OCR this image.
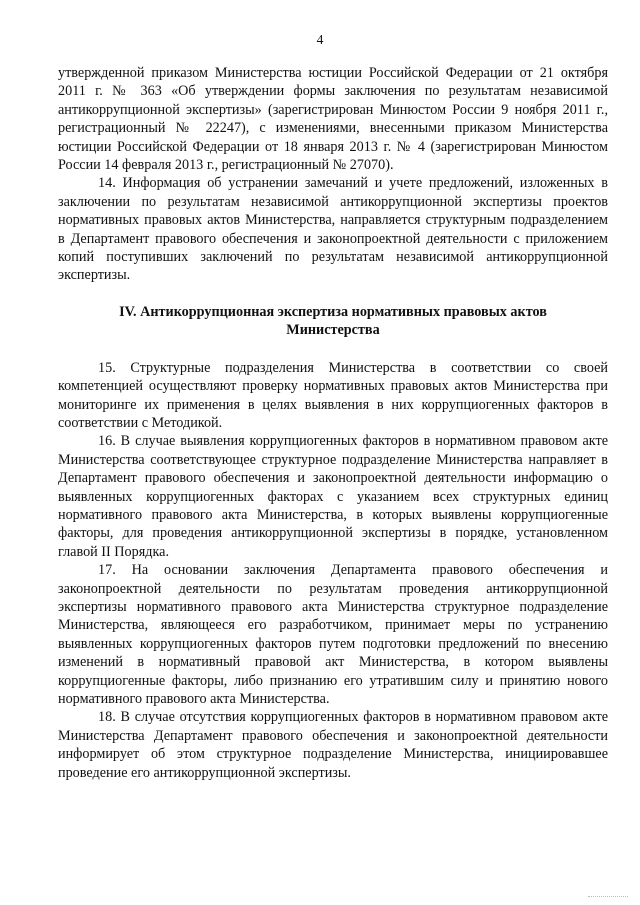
4

утвержденной приказом Министерства юстиции Российской Федерации от 21 октября 2011 г. № 363 «Об утверждении формы заключения по результатам независимой антикоррупционной экспертизы» (зарегистрирован Минюстом России 9 ноября 2011 г., регистрационный № 22247), с изменениями, внесенными приказом Министерства юстиции Российской Федерации от 18 января 2013 г. № 4 (зарегистрирован Минюстом России 14 февраля 2013 г., регистрационный № 27070).

14. Информация об устранении замечаний и учете предложений, изложенных в заключении по результатам независимой антикоррупционной экспертизы проектов нормативных правовых актов Министерства, направляется структурным подразделением в Департамент правового обеспечения и законопроектной деятельности с приложением копий поступивших заключений по результатам независимой антикоррупционной экспертизы.

IV. Антикоррупционная экспертиза нормативных правовых актов Министерства

15. Структурные подразделения Министерства в соответствии со своей компетенцией осуществляют проверку нормативных правовых актов Министерства при мониторинге их применения в целях выявления в них коррупциогенных факторов в соответствии с Методикой.

16. В случае выявления коррупциогенных факторов в нормативном правовом акте Министерства соответствующее структурное подразделение Министерства направляет в Департамент правового обеспечения и законопроектной деятельности информацию о выявленных коррупциогенных факторах с указанием всех структурных единиц нормативного правового акта Министерства, в которых выявлены коррупциогенные факторы, для проведения антикоррупционной экспертизы в порядке, установленном главой II Порядка.

17. На основании заключения Департамента правового обеспечения и законопроектной деятельности по результатам проведения антикоррупционной экспертизы нормативного правового акта Министерства структурное подразделение Министерства, являющееся его разработчиком, принимает меры по устранению выявленных коррупциогенных факторов путем подготовки предложений по внесению изменений в нормативный правовой акт Министерства, в котором выявлены коррупциогенные факторы, либо признанию его утратившим силу и принятию нового нормативного правового акта Министерства.

18. В случае отсутствия коррупциогенных факторов в нормативном правовом акте Министерства Департамент правового обеспечения и законопроектной деятельности информирует об этом структурное подразделение Министерства, инициировавшее проведение его антикоррупционной экспертизы.
